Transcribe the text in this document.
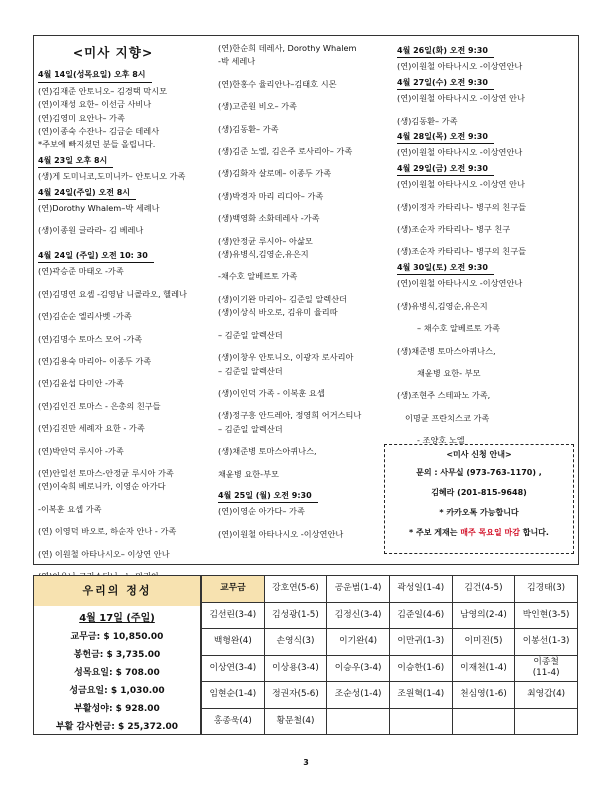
<미사 지향>
4월 14일(성목요일) 오후 8시
(연)김재준 안토니오– 김경택 막시모
(연)이재성 요한– 이선금 사비나
(연)김영미 요안나– 가족
(연)이종숙 수잔나– 김금순 데레사
*주보에 빠지셨던 분들 올립니다.
4월 23일 오후 8시
(생)게 도미니코,도미니카– 안토니오 가족
4월 24일(주일) 오전 8시
(연)Dorothy Whalem–박 세례나
(생)이종원 글라라– 김 베레나
4월 24일 (주일) 오전 10: 30
(연)곽승준 마태오 -가족
(연)김명연 요셉 -김영남 니콜라오, 헬레나
(연)김순순 엘리사벳 -가족
(연)김명수 토마스 모어 -가족
(연)김용숙 마리아– 이종두 가족
(연)김윤섭 다미안 -가족
(연)김인건 토마스 - 은총의 친구들
(연)김진만 세례자 요한 - 가족
(연)박안덕 루시아 -가족
(연)안일선 토마스-안정균 루시아 가족
(연)이숙희 베로니카, 이영순 아가다
-이복훈 요셉 가족
(연) 이영덕 바오로, 하순자 안나 - 가족
(연) 이원철 아타나시오– 이상연 안나
(연)한순희 데레사, Dorothy Whalem
-박 세레나
(연)한홍수 율리안나–김태호 시몬
(생)고준원 비오– 가족
(생)김동환– 가족
(생)김준 노엘, 김은주 로사리아– 가족
(생)김화자 살로메– 이종두 가족
(생)박경자 마리 리디아– 가족
(생)백영화 소화데레사 -가족
(생)안정균 루시아– 아삶모
(생)유병식,김영순,유은지
-채수호 알베르토 가족
(생)이기완 마리아– 김준일 알렉산더
(생)이상식 바오로, 김유미 율리따
– 김준일 알렉산더
(생)이창우 안토니오, 이광자 로사리아
– 김준일 알렉산더
(생)이인덕 가족 - 이복훈 요셉
(생)정구흥 안드레아, 정영희 어거스티나
– 김준일 알렉산더
(생)채준병 토마스아퀴나스,
채윤병 요한-부모
4월 25일 (월) 오전 9:30
(연)이영순 아가다– 가족
(연)이원철 아타나시오 -이상연안나
4월 26일(화) 오전 9:30
(연)이원철 아타나시오 -이상연안나
4월 27일(수) 오전 9:30
(연)이원철 아타나시오 -이상연 안나
(생)김동환– 가족
4월 28일(목) 오전 9:30
(연)이원철 아타나시오 -이상연안나
4월 29일(금) 오전 9:30
(연)이원철 아타나시오 -이상연 안나
(생)이정자 카타리나– 병구의 친구들
(생)조순자 카타리나– 병구 친구
(생)조순자 카타리나– 병구의 친구들
4월 30일(토) 오전 9:30
(연)이원철 아타나시오 -이상연안나
(생)유병식,김영순,유은지
– 채수호 알베르토 가족
(생)채준병 토마스아퀴나스,
채윤병 요한- 부모
(생)조현주 스테파노 가족,
이명균 프란치스코 가족
- 조양호 노엘
<미사 신청 안내>
문의 : 사무실 (973-763-1170) ,
김혜라 (201-815-9648)
* 카카오톡 가능합니다
* 주보 게재는 매주 목요일 마감 합니다.
우리의 정성
4월 17일 (주일)
교무금: $ 10,850.00
봉헌금: $ 3,735.00
성목요일: $ 708.00
성금요일: $ 1,030.00
부활성야: $ 928.00
부활 감사헌금: $ 25,372.00
교무금	강호연(5-6)	공운범(1-4)	곽성일(1-4)	김건(4-5)	김경태(3)
김선린(3-4)	김성광(1-5)	김정신(3-4)	김준일(4-6)	남영의(2-4)	박인현(3-5)
백형완(4)	손영식(3)	이기완(4)	이만귀(1-3)	이미진(5)	이봉선(1-3)
이상연(3-4)	이상용(3-4)	이승우(3-4)	이승한(1-6)	이재천(1-4)	이종철
(11-4)
임현순(1-4)	정권자(5-6)	조순성(1-4)	조원혁(1-4)	천심영(1-6)	최영갑(4)
홍종욱(4)	황문철(4)				
3
